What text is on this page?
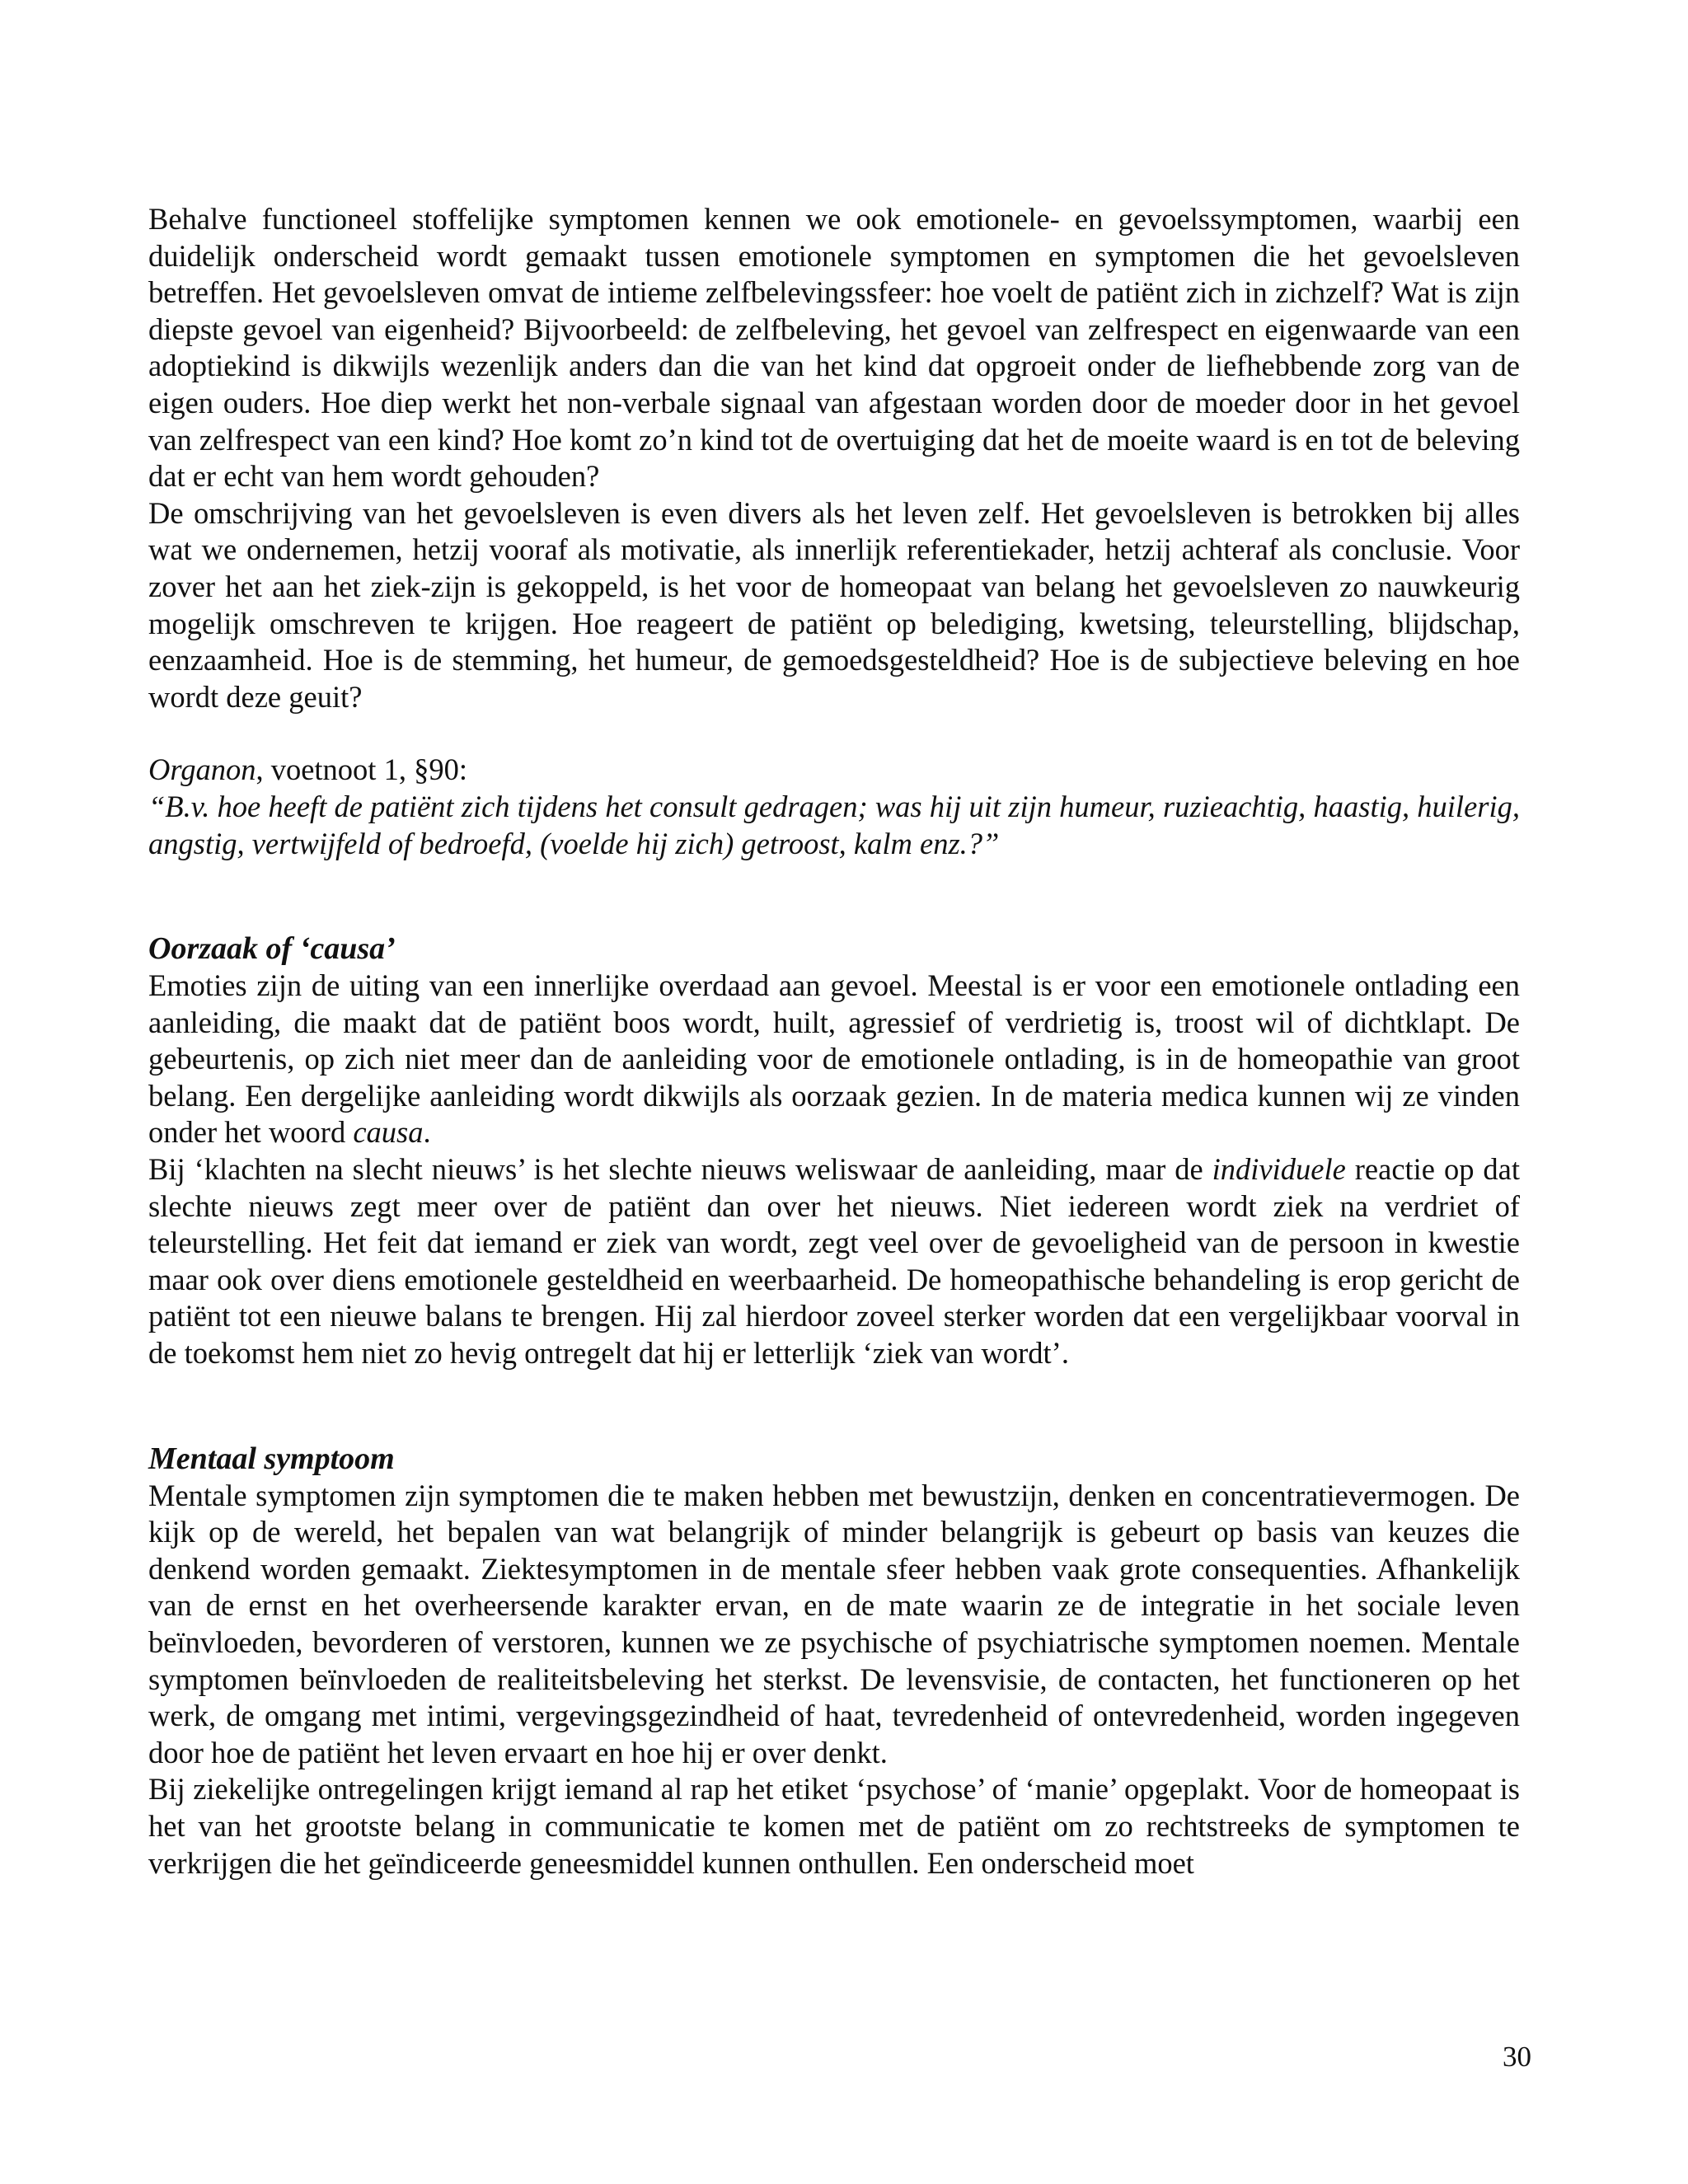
Behalve functioneel stoffelijke symptomen kennen we ook emotionele- en gevoelssymptomen, waarbij een duidelijk onderscheid wordt gemaakt tussen emotionele symptomen en symptomen die het gevoelsleven betreffen. Het gevoelsleven omvat de intieme zelfbelevingssfeer: hoe voelt de patiënt zich in zichzelf? Wat is zijn diepste gevoel van eigenheid? Bijvoorbeeld: de zelfbeleving, het gevoel van zelfrespect en eigenwaarde van een adoptiekind is dikwijls wezenlijk anders dan die van het kind dat opgroeit onder de liefhebbende zorg van de eigen ouders. Hoe diep werkt het non-verbale signaal van afgestaan worden door de moeder door in het gevoel van zelfrespect van een kind? Hoe komt zo’n kind tot de overtuiging dat het de moeite waard is en tot de beleving dat er echt van hem wordt gehouden?

De omschrijving van het gevoelsleven is even divers als het leven zelf. Het gevoelsleven is betrokken bij alles wat we ondernemen, hetzij vooraf als motivatie, als innerlijk referentiekader, hetzij achteraf als conclusie. Voor zover het aan het ziek-zijn is gekoppeld, is het voor de homeopaat van belang het gevoelsleven zo nauwkeurig mogelijk omschreven te krijgen. Hoe reageert de patiënt op belediging, kwetsing, teleurstelling, blijdschap, eenzaamheid. Hoe is de stemming, het humeur, de gemoedsgesteldheid? Hoe is de subjectieve beleving en hoe wordt deze geuit?

Organon, voetnoot 1, §90:

“B.v. hoe heeft de patiënt zich tijdens het consult gedragen; was hij uit zijn humeur, ruzieachtig, haastig, huilerig, angstig, vertwijfeld of bedroefd, (voelde hij zich) getroost, kalm enz.?”

Oorzaak of ‘causa’

Emoties zijn de uiting van een innerlijke overdaad aan gevoel. Meestal is er voor een emotionele ontlading een aanleiding, die maakt dat de patiënt boos wordt, huilt, agressief of verdrietig is, troost wil of dichtklapt. De gebeurtenis, op zich niet meer dan de aanleiding voor de emotionele ontlading, is in de homeopathie van groot belang. Een dergelijke aanleiding wordt dikwijls als oorzaak gezien. In de materia medica kunnen wij ze vinden onder het woord causa.

Bij ‘klachten na slecht nieuws’ is het slechte nieuws weliswaar de aanleiding, maar de individuele reactie op dat slechte nieuws zegt meer over de patiënt dan over het nieuws. Niet iedereen wordt ziek na verdriet of teleurstelling. Het feit dat iemand er ziek van wordt, zegt veel over de gevoeligheid van de persoon in kwestie maar ook over diens emotionele gesteldheid en weerbaarheid. De homeopathische behandeling is erop gericht de patiënt tot een nieuwe balans te brengen. Hij zal hierdoor zoveel sterker worden dat een vergelijkbaar voorval in de toekomst hem niet zo hevig ontregelt dat hij er letterlijk ‘ziek van wordt’.

Mentaal symptoom

Mentale symptomen zijn symptomen die te maken hebben met bewustzijn, denken en concentratievermogen. De kijk op de wereld, het bepalen van wat belangrijk of minder belangrijk is gebeurt op basis van keuzes die denkend worden gemaakt. Ziektesymptomen in de mentale sfeer hebben vaak grote consequenties. Afhankelijk van de ernst en het overheersende karakter ervan, en de mate waarin ze de integratie in het sociale leven beïnvloeden, bevorderen of verstoren, kunnen we ze psychische of psychiatrische symptomen noemen. Mentale symptomen beïnvloeden de realiteitsbeleving het sterkst. De levensvisie, de contacten, het functioneren op het werk, de omgang met intimi, vergevingsgezindheid of haat, tevredenheid of ontevredenheid, worden ingegeven door hoe de patiënt het leven ervaart en hoe hij er over denkt.

Bij ziekelijke ontregelingen krijgt iemand al rap het etiket ‘psychose’ of ‘manie’ opgeplakt. Voor de homeopaat is het van het grootste belang in communicatie te komen met de patiënt om zo rechtstreeks de symptomen te verkrijgen die het geïndiceerde geneesmiddel kunnen onthullen. Een onderscheid moet

30
